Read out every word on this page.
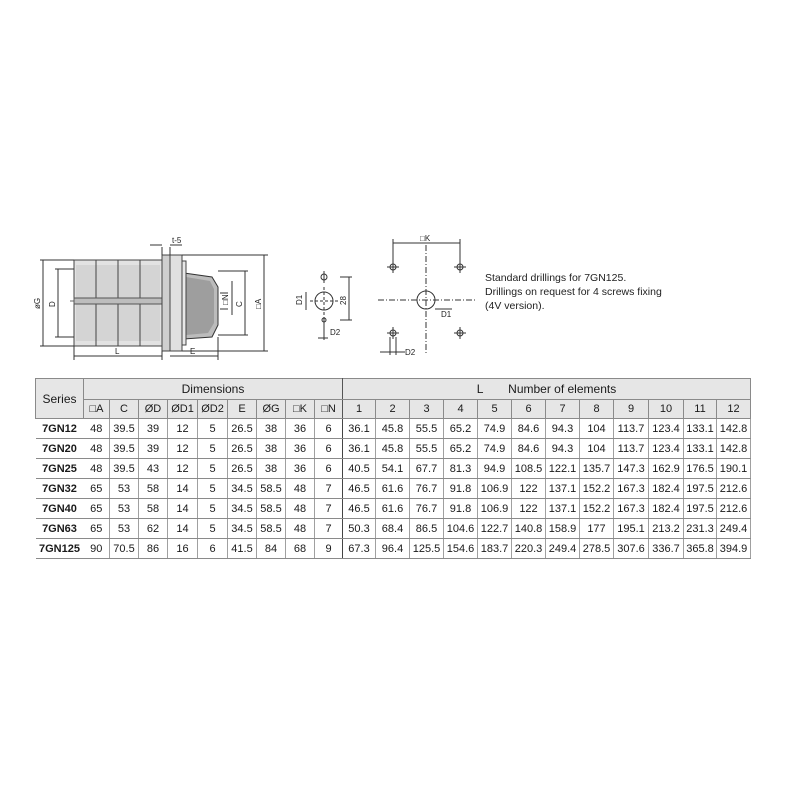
t-5
øG D	□N C □A
L	E
D1	28
D2
□K
D1
D2
Standard drillings for 7GN125.
Drillings on request for 4 screws fixing
(4V version).
Series	Dimensions									L Number of elements											
	□A	C	ØD	ØD1	ØD2	E	ØG	□K	□N	1	2	3	4	5	6	7	8	9	10	11	12
7GN12	48	39.5	39	12	5	26.5	38	36	6	36.1	45.8	55.5	65.2	74.9	84.6	94.3	104	113.7	123.4	133.1	142.8
7GN20	48	39.5	39	12	5	26.5	38	36	6	36.1	45.8	55.5	65.2	74.9	84.6	94.3	104	113.7	123.4	133.1	142.8
7GN25	48	39.5	43	12	5	26.5	38	36	6	40.5	54.1	67.7	81.3	94.9	108.5	122.1	135.7	147.3	162.9	176.5	190.1
7GN32	65	53	58	14	5	34.5	58.5	48	7	46.5	61.6	76.7	91.8	106.9	122	137.1	152.2	167.3	182.4	197.5	212.6
7GN40	65	53	58	14	5	34.5	58.5	48	7	46.5	61.6	76.7	91.8	106.9	122	137.1	152.2	167.3	182.4	197.5	212.6
7GN63	65	53	62	14	5	34.5	58.5	48	7	50.3	68.4	86.5	104.6	122.7	140.8	158.9	177	195.1	213.2	231.3	249.4
7GN125	90	70.5	86	16	6	41.5	84	68	9	67.3	96.4	125.5	154.6	183.7	220.3	249.4	278.5	307.6	336.7	365.8	394.9
